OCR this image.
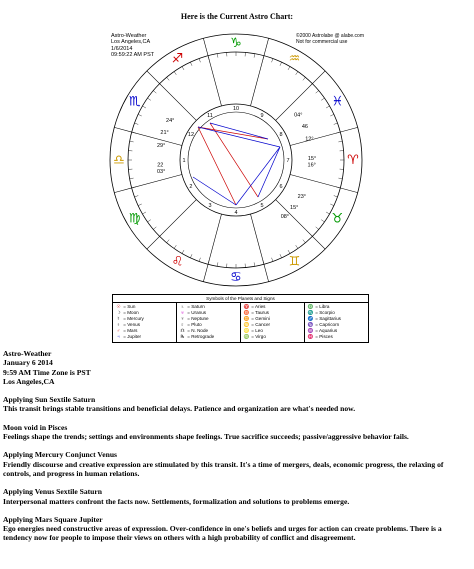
Here is the Current Astro Chart:
♈
♉
♊
♋
♌
♍
♎
♏
♐
♑
♒
♓
1
2
3
4
5
6
7
8
9
10
11
12
04°
46
12°
15°
16°
03°
22
29°
21°
24°
23°
15°
08°
Astro-Weather
Los Angeles,CA
1/6/2014
09:59:22 AM PST
©2000 Astrolabe @ alabe.com
Not for commercial use
Symbols of the Planets and Signs
☉ = Sun
☽ = Moon
☿ = Mercury
♀ = Venus
♂ = Mars
♃ = Jupiter
♄ = Saturn
♅ = Uranus
♆ = Neptune
♇ = Pluto
☊ = N. Node
℞ = Retrograde
♈ = Aries
♉ = Taurus
♊ = Gemini
♋ = Cancer
♌ = Leo
♍ = Virgo
♎ = Libra
♏ = Scorpio
♐ = Sagittarius
♑ = Capricorn
♒ = Aquarius
♓ = Pisces
Astro-Weather
January 6 2014
9:59 AM Time Zone is PST
Los Angeles,CA
Applying Sun Sextile Saturn
This transit brings stable transitions and beneficial delays. Patience and organization are what's needed now.
Moon void in Pisces
Feelings shape the trends; settings and environments shape feelings. True sacrifice succeeds; passive/aggressive behavior fails.
Applying Mercury Conjunct Venus
Friendly discourse and creative expression are stimulated by this transit. It's a time of mergers, deals, economic progress, the relaxing of controls, and progress in human relations.
Applying Venus Sextile Saturn
Interpersonal matters confront the facts now. Settlements, formalization and solutions to problems emerge.
Applying Mars Square Jupiter
Ego energies need constructive areas of expression. Over-confidence in one's beliefs and urges for action can create problems. There is a tendency now for people to impose their views on others with a high probability of conflict and disagreement.
